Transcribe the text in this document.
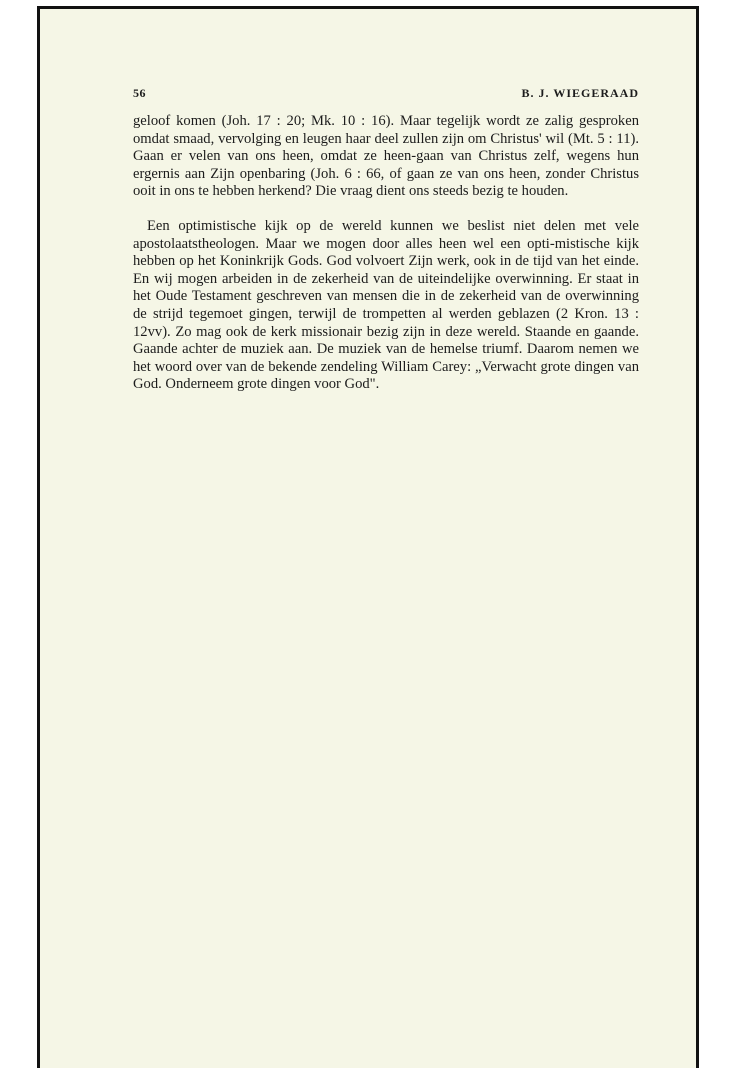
56	B. J. WIEGERAAD

geloof komen (Joh. 17 : 20; Mk. 10 : 16). Maar tegelijk wordt ze zalig gesproken omdat smaad, vervolging en leugen haar deel zullen zijn om Christus' wil (Mt. 5 : 11). Gaan er velen van ons heen, omdat ze heen-gaan van Christus zelf, wegens hun ergernis aan Zijn openbaring (Joh. 6 : 66, of gaan ze van ons heen, zonder Christus ooit in ons te hebben herkend? Die vraag dient ons steeds bezig te houden.

Een optimistische kijk op de wereld kunnen we beslist niet delen met vele apostolaatstheologen. Maar we mogen door alles heen wel een opti-mistische kijk hebben op het Koninkrijk Gods. God volvoert Zijn werk, ook in de tijd van het einde. En wij mogen arbeiden in de zekerheid van de uiteindelijke overwinning. Er staat in het Oude Testament geschreven van mensen die in de zekerheid van de overwinning de strijd tegemoet gingen, terwijl de trompetten al werden geblazen (2 Kron. 13 : 12vv). Zo mag ook de kerk missionair bezig zijn in deze wereld. Staande en gaande. Gaande achter de muziek aan. De muziek van de hemelse triumf. Daarom nemen we het woord over van de bekende zendeling William Carey: „Verwacht grote dingen van God. Onderneem grote dingen voor God".
